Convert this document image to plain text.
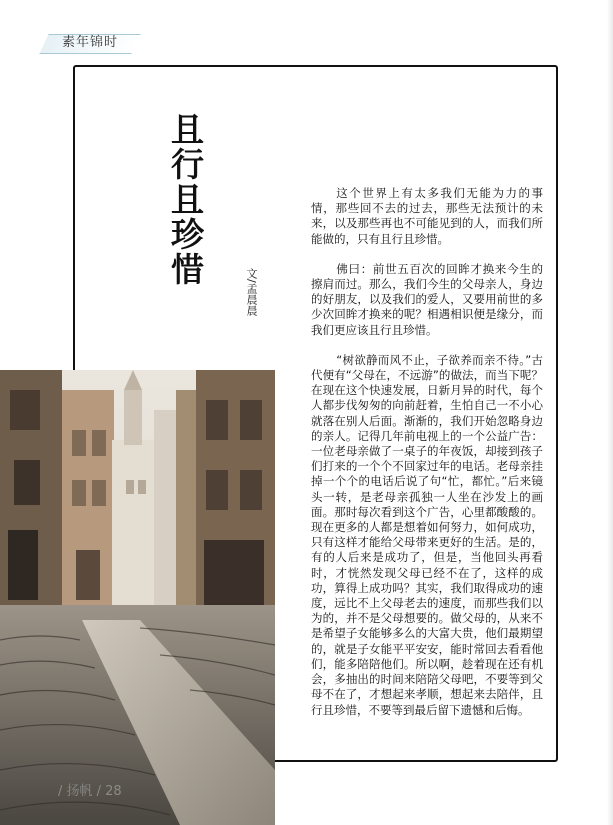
素年锦时
且行且珍惜
文/孟晨晨

这个世界上有太多我们无能为力的事情，那些回不去的过去，那些无法预计的未来，以及那些再也不可能见到的人，而我们所能做的，只有且行且珍惜。

佛曰：前世五百次的回眸才换来今生的擦肩而过。那么，我们今生的父母亲人，身边的好朋友，以及我们的爱人，又要用前世的多少次回眸才换来的呢？相遇相识便是缘分，而我们更应该且行且珍惜。

“树欲静而风不止，子欲养而亲不待。”古代便有“父母在，不远游”的做法，而当下呢？在现在这个快速发展，日新月异的时代，每个人都步伐匆匆的向前赶着，生怕自己一不小心就落在别人后面。渐渐的，我们开始忽略身边的亲人。记得几年前电视上的一个公益广告：一位老母亲做了一桌子的年夜饭，却接到孩子们打来的一个个不回家过年的电话。老母亲挂掉一个个的电话后说了句“忙，都忙。”后来镜头一转，是老母亲孤独一人坐在沙发上的画面。那时每次看到这个广告，心里都酸酸的。现在更多的人都是想着如何努力，如何成功，只有这样才能给父母带来更好的生活。是的，有的人后来是成功了，但是，当他回头再看时，才恍然发现父母已经不在了，这样的成功，算得上成功吗？其实，我们取得成功的速度，远比不上父母老去的速度，而那些我们以为的，并不是父母想要的。做父母的，从来不是希望子女能够多么的大富大贵，他们最期望的，就是子女能平平安安，能时常回去看看他们，能多陪陪他们。所以啊，趁着现在还有机会，多抽出的时间来陪陪父母吧，不要等到父母不在了，才想起来孝顺，想起来去陪伴，且行且珍惜，不要等到最后留下遗憾和后悔。

/ 扬帆 / 28
